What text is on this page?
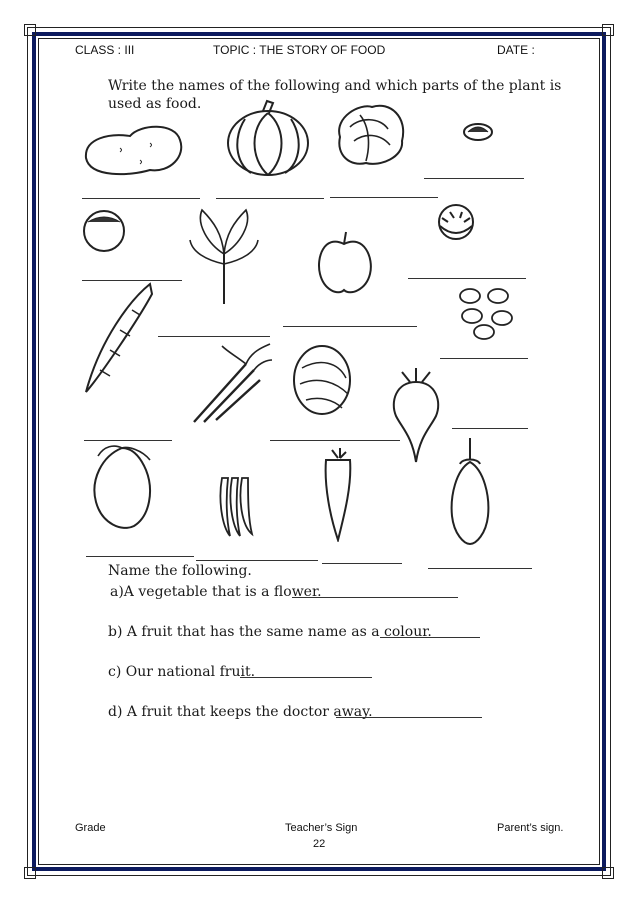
CLASS : III	TOPIC : THE STORY OF FOOD	DATE :
Write the names of the following and which parts of the plant is
used as food.
Name the following.
a)A vegetable that is a flower.
b) A fruit that has the same name as a colour.
c) Our national fruit.
d) A fruit that keeps the doctor away.
Grade	Teacher’s Sign	Parent’s sign.
22
